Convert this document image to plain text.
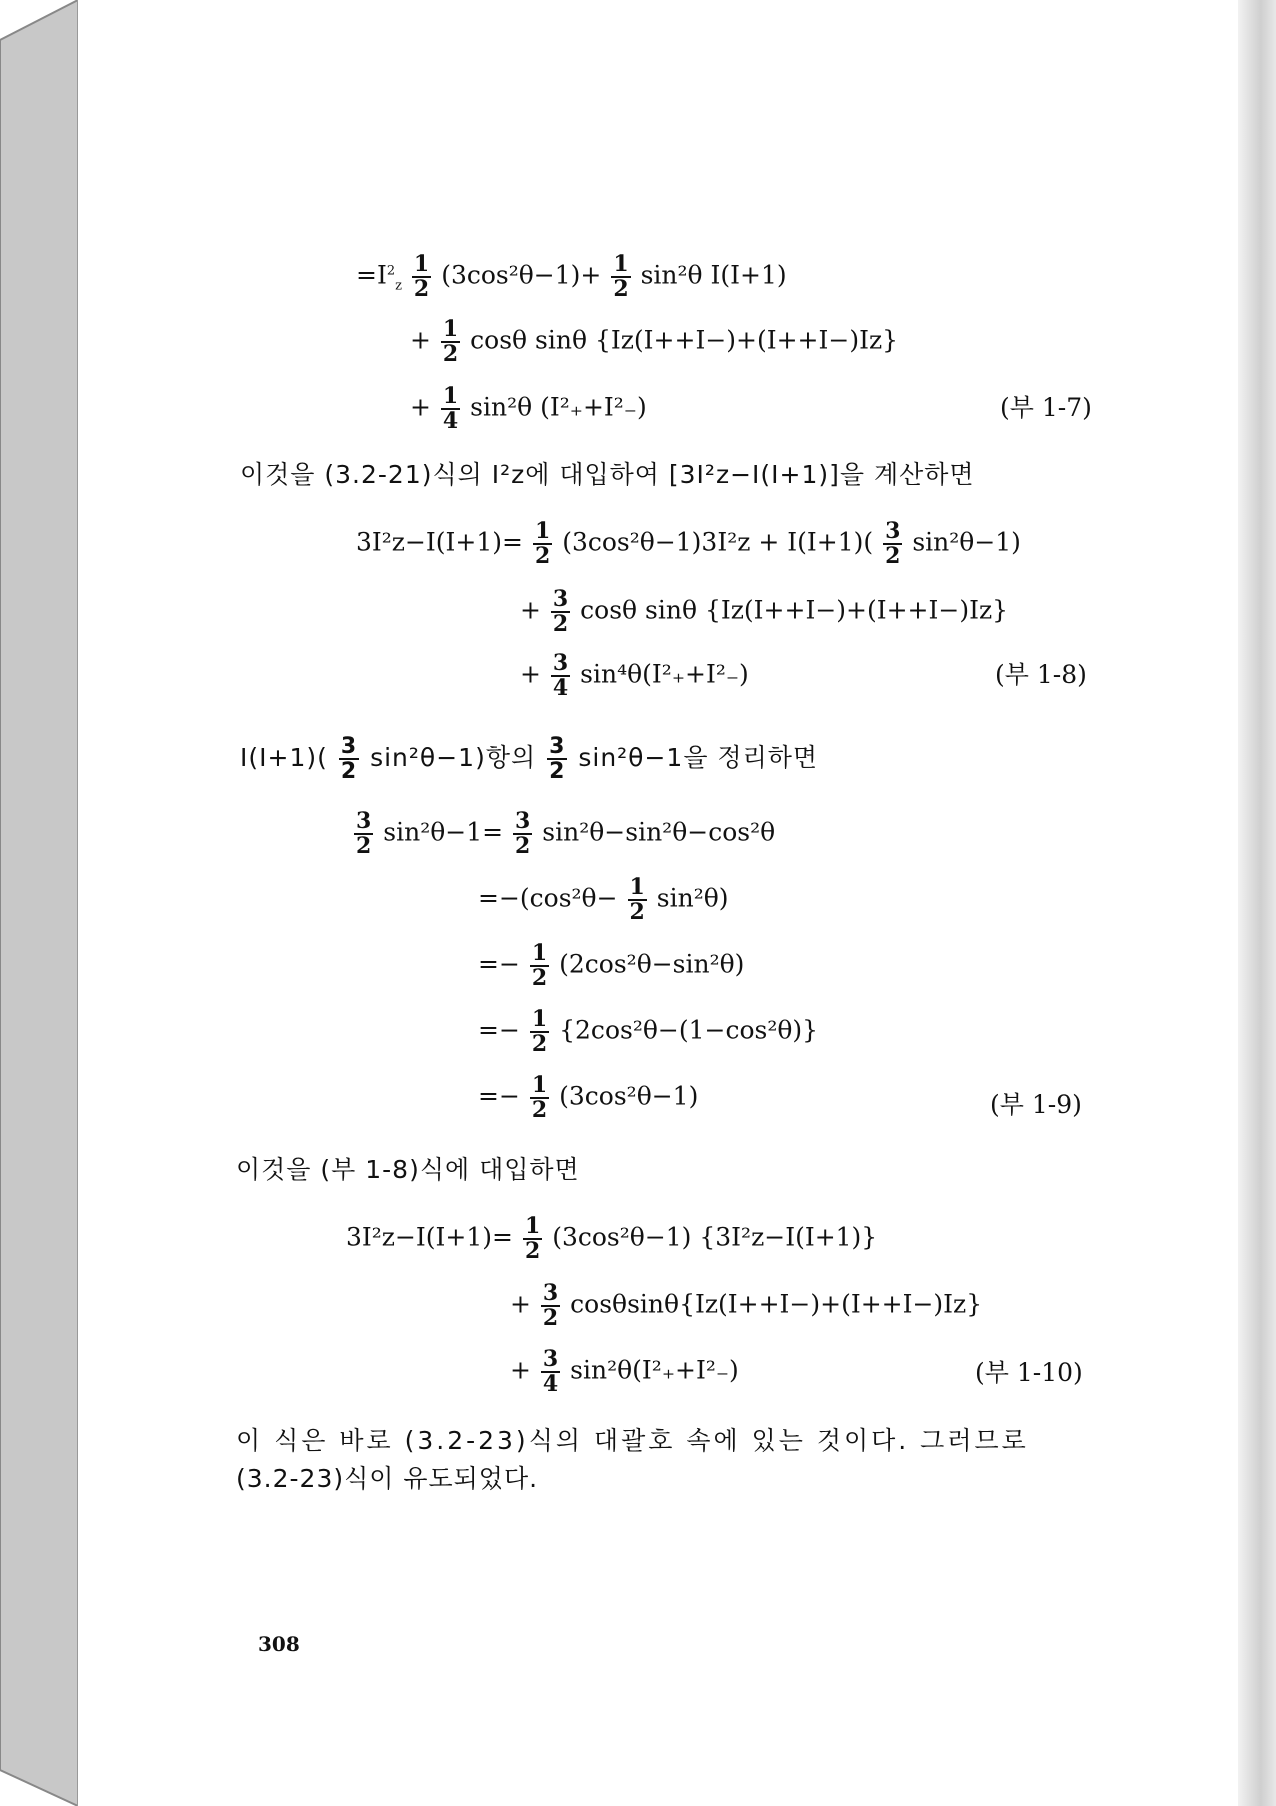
$=I^2_z \frac{1}{2} (3\cos^2\theta-1)+ \frac{1}{2} \sin^2\theta$ I(I+1)
+ $\frac{1}{2}$ cosθ sinθ {Iz(I++I−)+(I++I−)Iz}
+ $\frac{1}{4} \sin^2\theta$ (I²₊+I²₋)	(부 1-7)
이것을 (3.2-21)식의 I²z에 대입하여 [3I²z−I(I+1)]을 계산하면
$3I^2z-I(I+1)= \frac{1}{2} (3\cos^2\theta-1)3I^2z + I(I+1)( \frac{3}{2} \sin^2\theta-1)$
+ $\frac{3}{2}$ cosθ sinθ {Iz(I++I−)+(I++I−)Iz}
+ $\frac{3}{4} \sin^4\theta(I^2_++I^2_-)$	(부 1-8)
$I(I+1)( \frac{3}{2} \sin^2\theta-1)$항의 $\frac{3}{2} \sin^2\theta-1$을 정리하면
$\frac{3}{2} \sin^2\theta-1= \frac{3}{2} \sin^2\theta-\sin^2\theta-\cos^2\theta$
$=-(\cos^2\theta- \frac{1}{2} \sin^2\theta)$
=− $\frac{1}{2} (2\cos^2\theta-\sin^2\theta)$
=− $\frac{1}{2} \{2\cos^2\theta-(1-\cos^2\theta)\}$
=− $\frac{1}{2} (3\cos^2\theta-1)$	(부 1-9)
이것을 (부 1-8)식에 대입하면
$3I^2z-I(I+1)= \frac{1}{2} (3\cos^2\theta-1)$ {3I²z−I(I+1)}
+ $\frac{3}{2} \cos\theta\sin\theta\{Iz(I++I-)+(I++I-)Iz\}$
+ $\frac{3}{4} \sin^2\theta(I^2_++I^2_-)$	(부 1-10)
이 식은 바로 (3.2-23)식의 대괄호 속에 있는 것이다. 그러므로
(3.2-23)식이 유도되었다.
308
